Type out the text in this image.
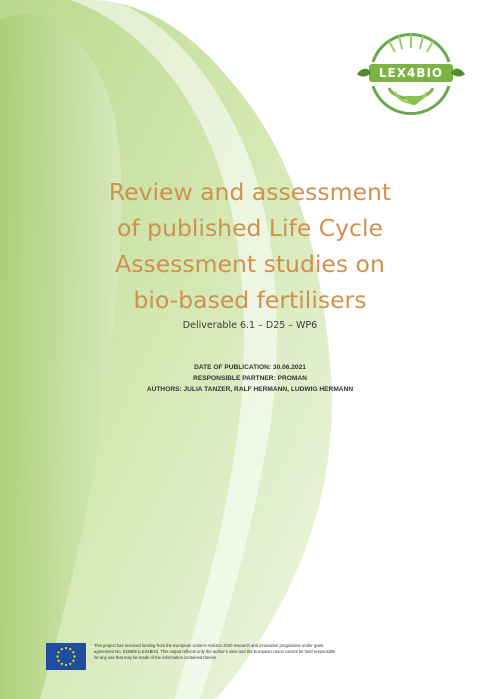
LEX4BIO
Review and assessment
of published Life Cycle
Assessment studies on
bio-based fertilisers
Deliverable 6.1 – D25 – WP6
DATE OF PUBLICATION: 30.06.2021
RESPONSIBLE PARTNER: PROMAN
AUTHORS: JULIA TANZER, RALF HERMANN, LUDWIG HERMANN
This project has received funding from the European Union’s Horizon 2020 research and innovation programme under grant agreement No. 818309 (LEX4BIO). This output reflects only the author’s view and the European Union cannot be held responsible for any use that may be made of the information contained therein
